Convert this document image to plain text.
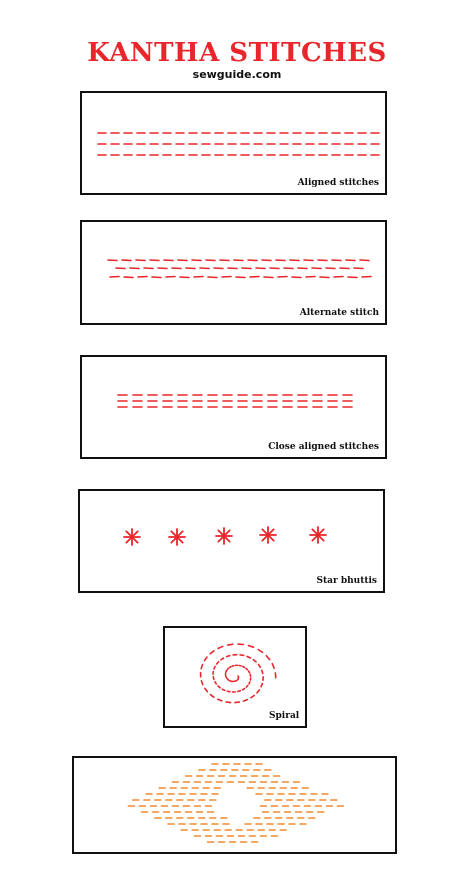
KANTHA STITCHES
sewguide.com
Aligned stitches
Alternate stitch
Close aligned stitches
Star bhuttis
Spiral
